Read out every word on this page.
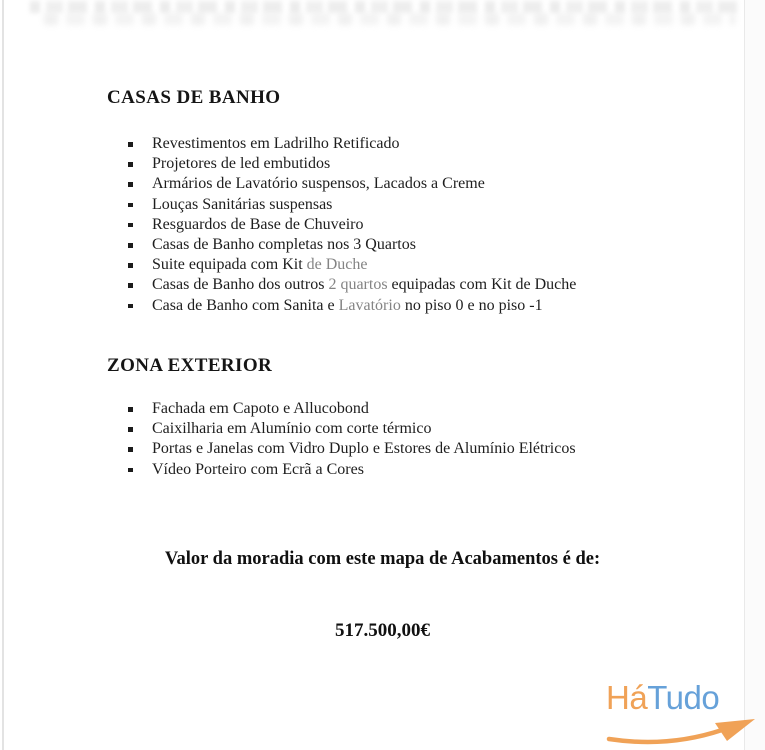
CASAS DE BANHO
Revestimentos em Ladrilho Retificado
Projetores de led embutidos
Armários de Lavatório suspensos, Lacados a Creme
Louças Sanitárias suspensas
Resguardos de Base de Chuveiro
Casas de Banho completas nos 3 Quartos
Suite equipada com Kit de Duche
Casas de Banho dos outros 2 quartos equipadas com Kit de Duche
Casa de Banho com Sanita e Lavatório no piso 0 e no piso -1
ZONA EXTERIOR
Fachada em Capoto e Allucobond
Caixilharia em Alumínio com corte térmico
Portas e Janelas com Vidro Duplo e Estores de Alumínio Elétricos
Vídeo Porteiro com Ecrã a Cores

Valor da moradia com este mapa de Acabamentos é de:

517.500,00€

HáTudo
